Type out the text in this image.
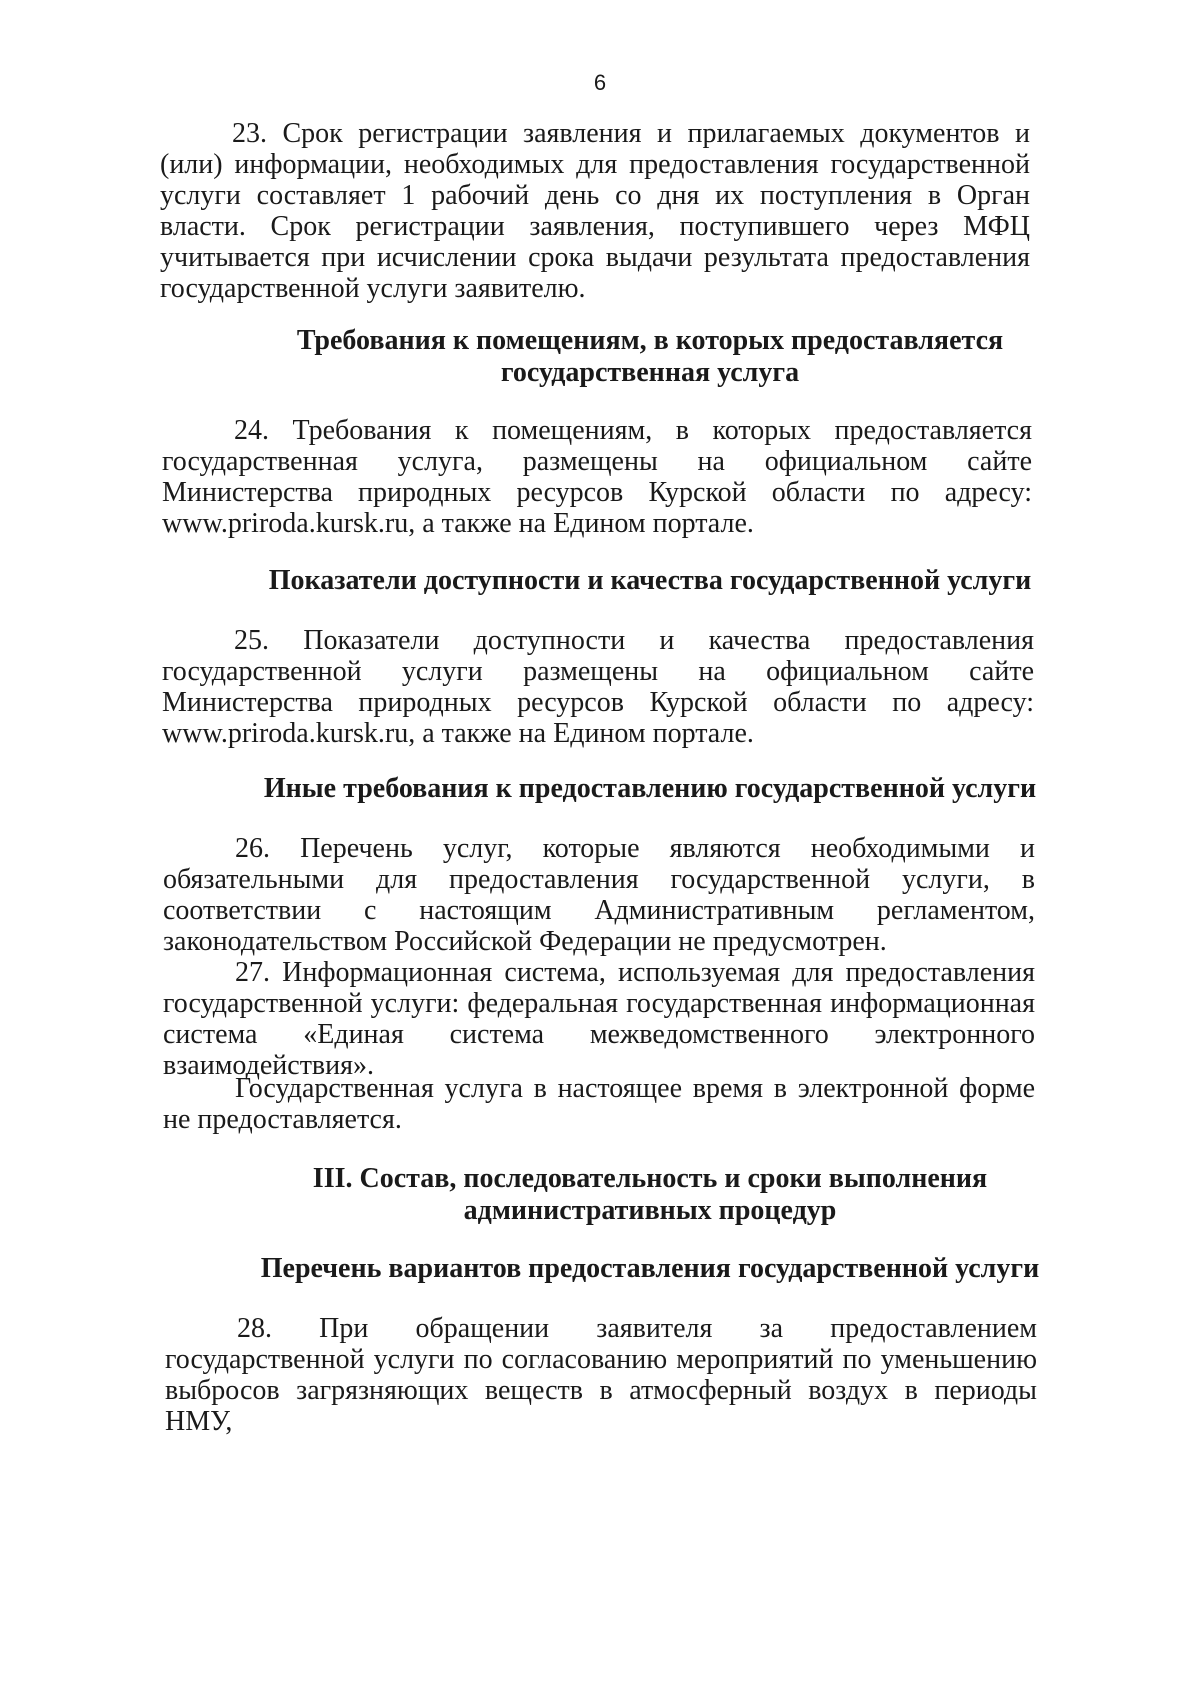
6

23. Срок регистрации заявления и прилагаемых документов и (или) информации, необходимых для предоставления государственной услуги составляет 1 рабочий день со дня их поступления в Орган власти. Срок регистрации заявления, поступившего через МФЦ учитывается при исчислении срока выдачи результата предоставления государственной услуги заявителю.

Требования к помещениям, в которых предоставляется
государственная услуга

24. Требования к помещениям, в которых предоставляется государственная услуга, размещены на официальном сайте Министерства природных ресурсов Курской области по адресу: www.priroda.kursk.ru, а также на Едином портале.

Показатели доступности и качества государственной услуги

25. Показатели доступности и качества предоставления государственной услуги размещены на официальном сайте Министерства природных ресурсов Курской области по адресу: www.priroda.kursk.ru, а также на Едином портале.

Иные требования к предоставлению государственной услуги

26. Перечень услуг, которые являются необходимыми и обязательными для предоставления государственной услуги, в соответствии с настоящим Административным регламентом, законодательством Российской Федерации не предусмотрен.

27. Информационная система, используемая для предоставления государственной услуги: федеральная государственная информационная система «Единая система межведомственного электронного взаимодействия».

Государственная услуга в настоящее время в электронной форме не предоставляется.

III. Состав, последовательность и сроки выполнения
административных процедур
Перечень вариантов предоставления государственной услуги

28. При обращении заявителя за предоставлением государственной услуги по согласованию мероприятий по уменьшению выбросов загрязняющих веществ в атмосферный воздух в периоды НМУ,
